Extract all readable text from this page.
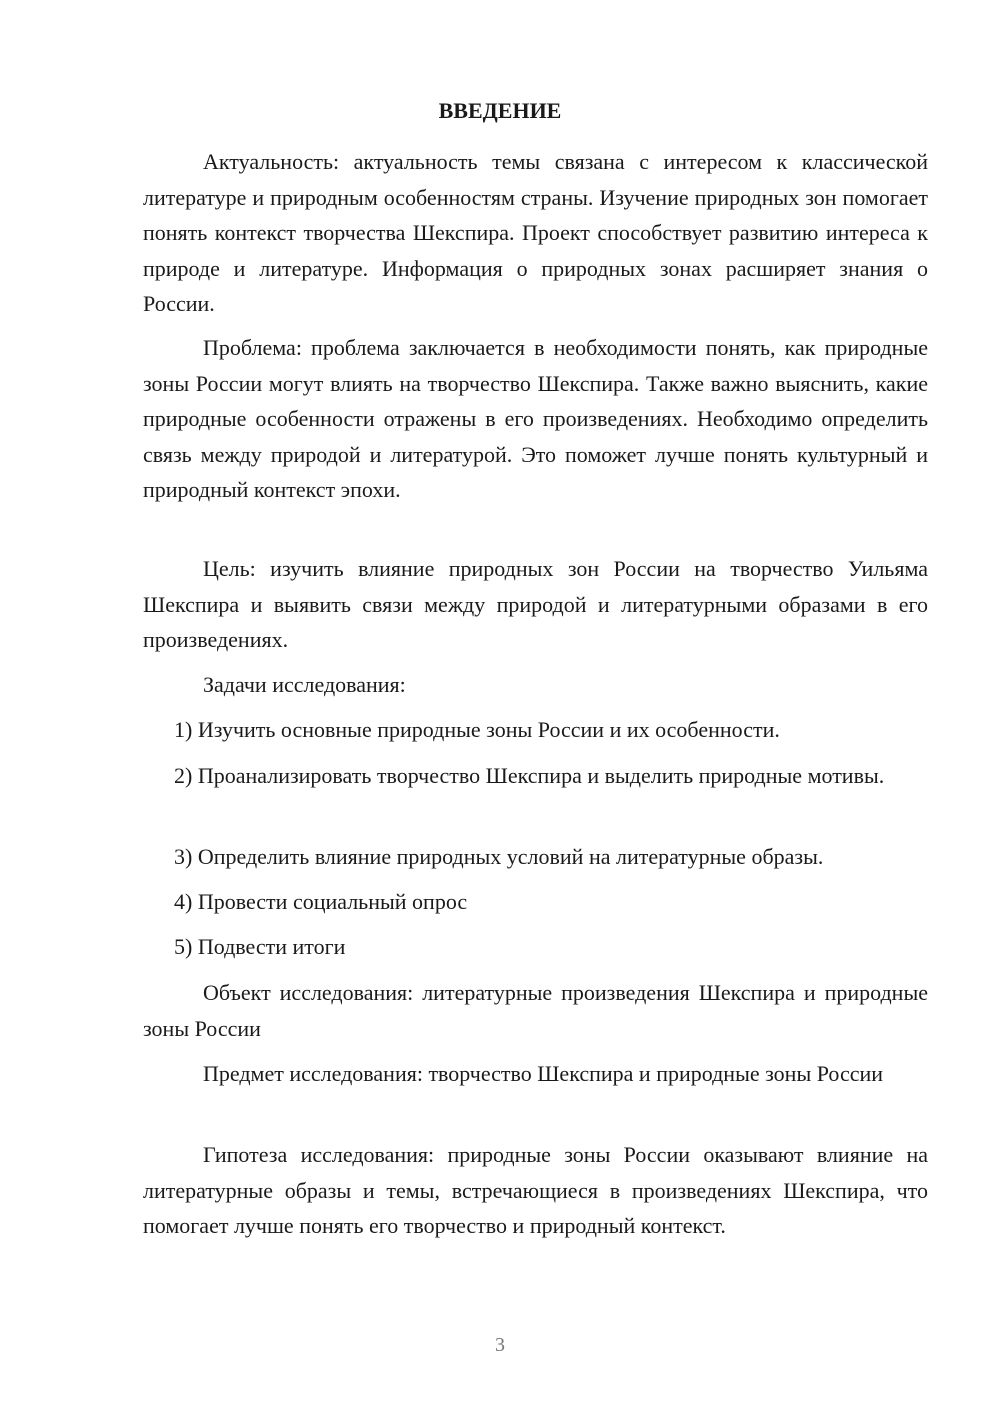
ВВЕДЕНИЕ

Актуальность: актуальность темы связана с интересом к классической литературе и природным особенностям страны. Изучение природных зон помогает понять контекст творчества Шекспира. Проект способствует развитию интереса к природе и литературе. Информация о природных зонах расширяет знания о России.

Проблема: проблема заключается в необходимости понять, как природные зоны России могут влиять на творчество Шекспира. Также важно выяснить, какие природные особенности отражены в его произведениях. Необходимо определить связь между природой и литературой. Это поможет лучше понять культурный и природный контекст эпохи.

Цель: изучить влияние природных зон России на творчество Уильяма Шекспира и выявить связи между природой и литературными образами в его произведениях.

Задачи исследования:

1) Изучить основные природные зоны России и их особенности.

2) Проанализировать творчество Шекспира и выделить природные мотивы.

3) Определить влияние природных условий на литературные образы.

4) Провести социальный опрос

5) Подвести итоги

Объект исследования: литературные произведения Шекспира и природные зоны России

Предмет исследования: творчество Шекспира и природные зоны России

Гипотеза исследования: природные зоны России оказывают влияние на литературные образы и темы, встречающиеся в произведениях Шекспира, что помогает лучше понять его творчество и природный контекст.

3
